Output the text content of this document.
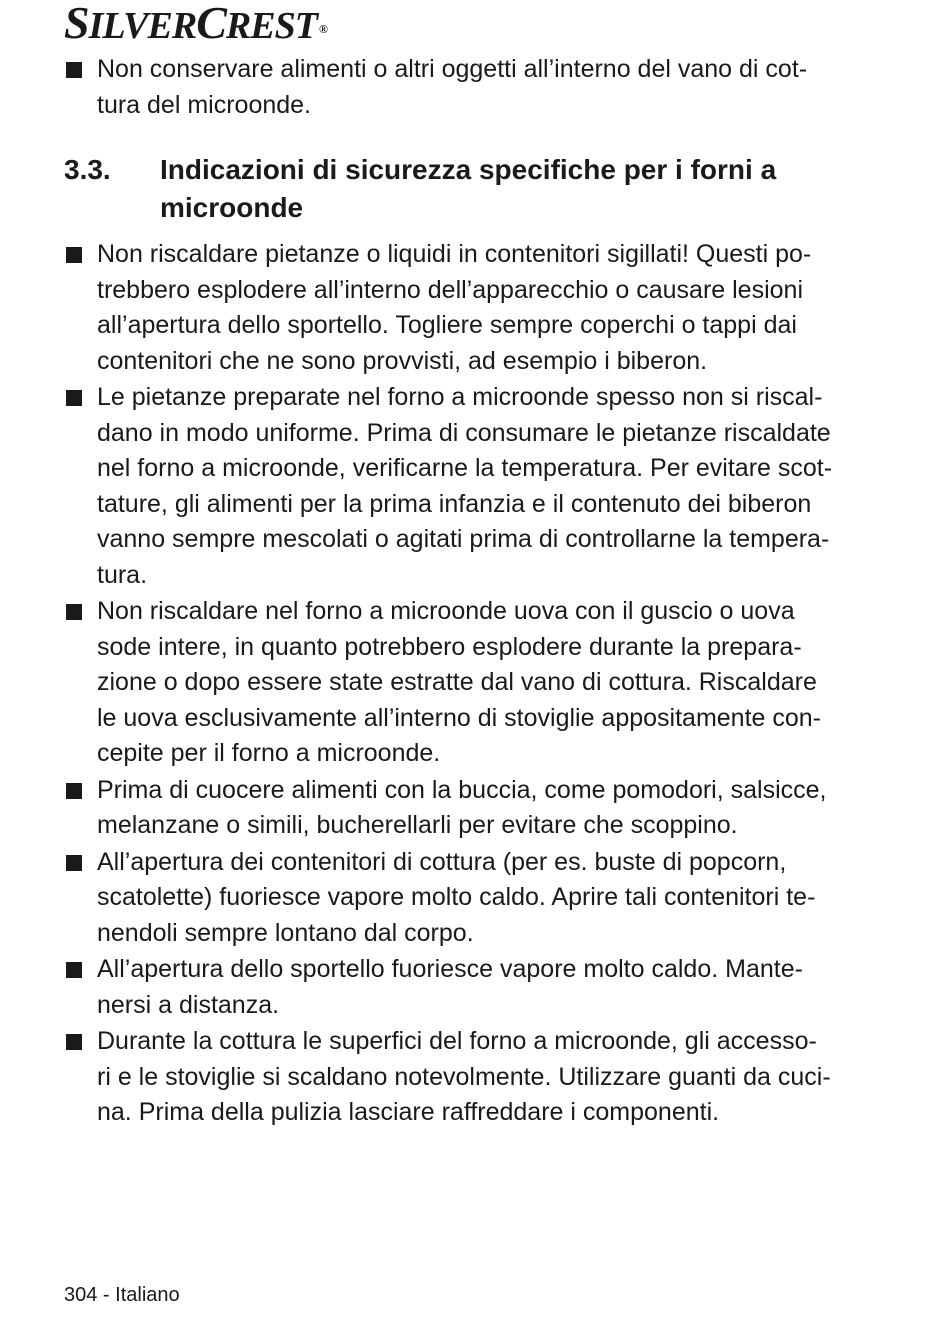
SILVERCREST ®
Non conservare alimenti o altri oggetti all’interno del vano di cot-
tura del microonde.
3.3. Indicazioni di sicurezza specifiche per i forni a
microonde
Non riscaldare pietanze o liquidi in contenitori sigillati! Questi po-
trebbero esplodere all’interno dell’apparecchio o causare lesioni
all’apertura dello sportello. Togliere sempre coperchi o tappi dai
contenitori che ne sono provvisti, ad esempio i biberon.
Le pietanze preparate nel forno a microonde spesso non si riscal-
dano in modo uniforme. Prima di consumare le pietanze riscaldate
nel forno a microonde, verificarne la temperatura. Per evitare scot-
tature, gli alimenti per la prima infanzia e il contenuto dei biberon
vanno sempre mescolati o agitati prima di controllarne la tempera-
tura.
Non riscaldare nel forno a microonde uova con il guscio o uova
sode intere, in quanto potrebbero esplodere durante la prepara-
zione o dopo essere state estratte dal vano di cottura. Riscaldare
le uova esclusivamente all’interno di stoviglie appositamente con-
cepite per il forno a microonde.
Prima di cuocere alimenti con la buccia, come pomodori, salsicce,
melanzane o simili, bucherellarli per evitare che scoppino.
All’apertura dei contenitori di cottura (per es. buste di popcorn,
scatolette) fuoriesce vapore molto caldo. Aprire tali contenitori te-
nendoli sempre lontano dal corpo.
All’apertura dello sportello fuoriesce vapore molto caldo. Mante-
nersi a distanza.
Durante la cottura le superfici del forno a microonde, gli accesso-
ri e le stoviglie si scaldano notevolmente. Utilizzare guanti da cuci-
na. Prima della pulizia lasciare raffreddare i componenti.
304 - Italiano
